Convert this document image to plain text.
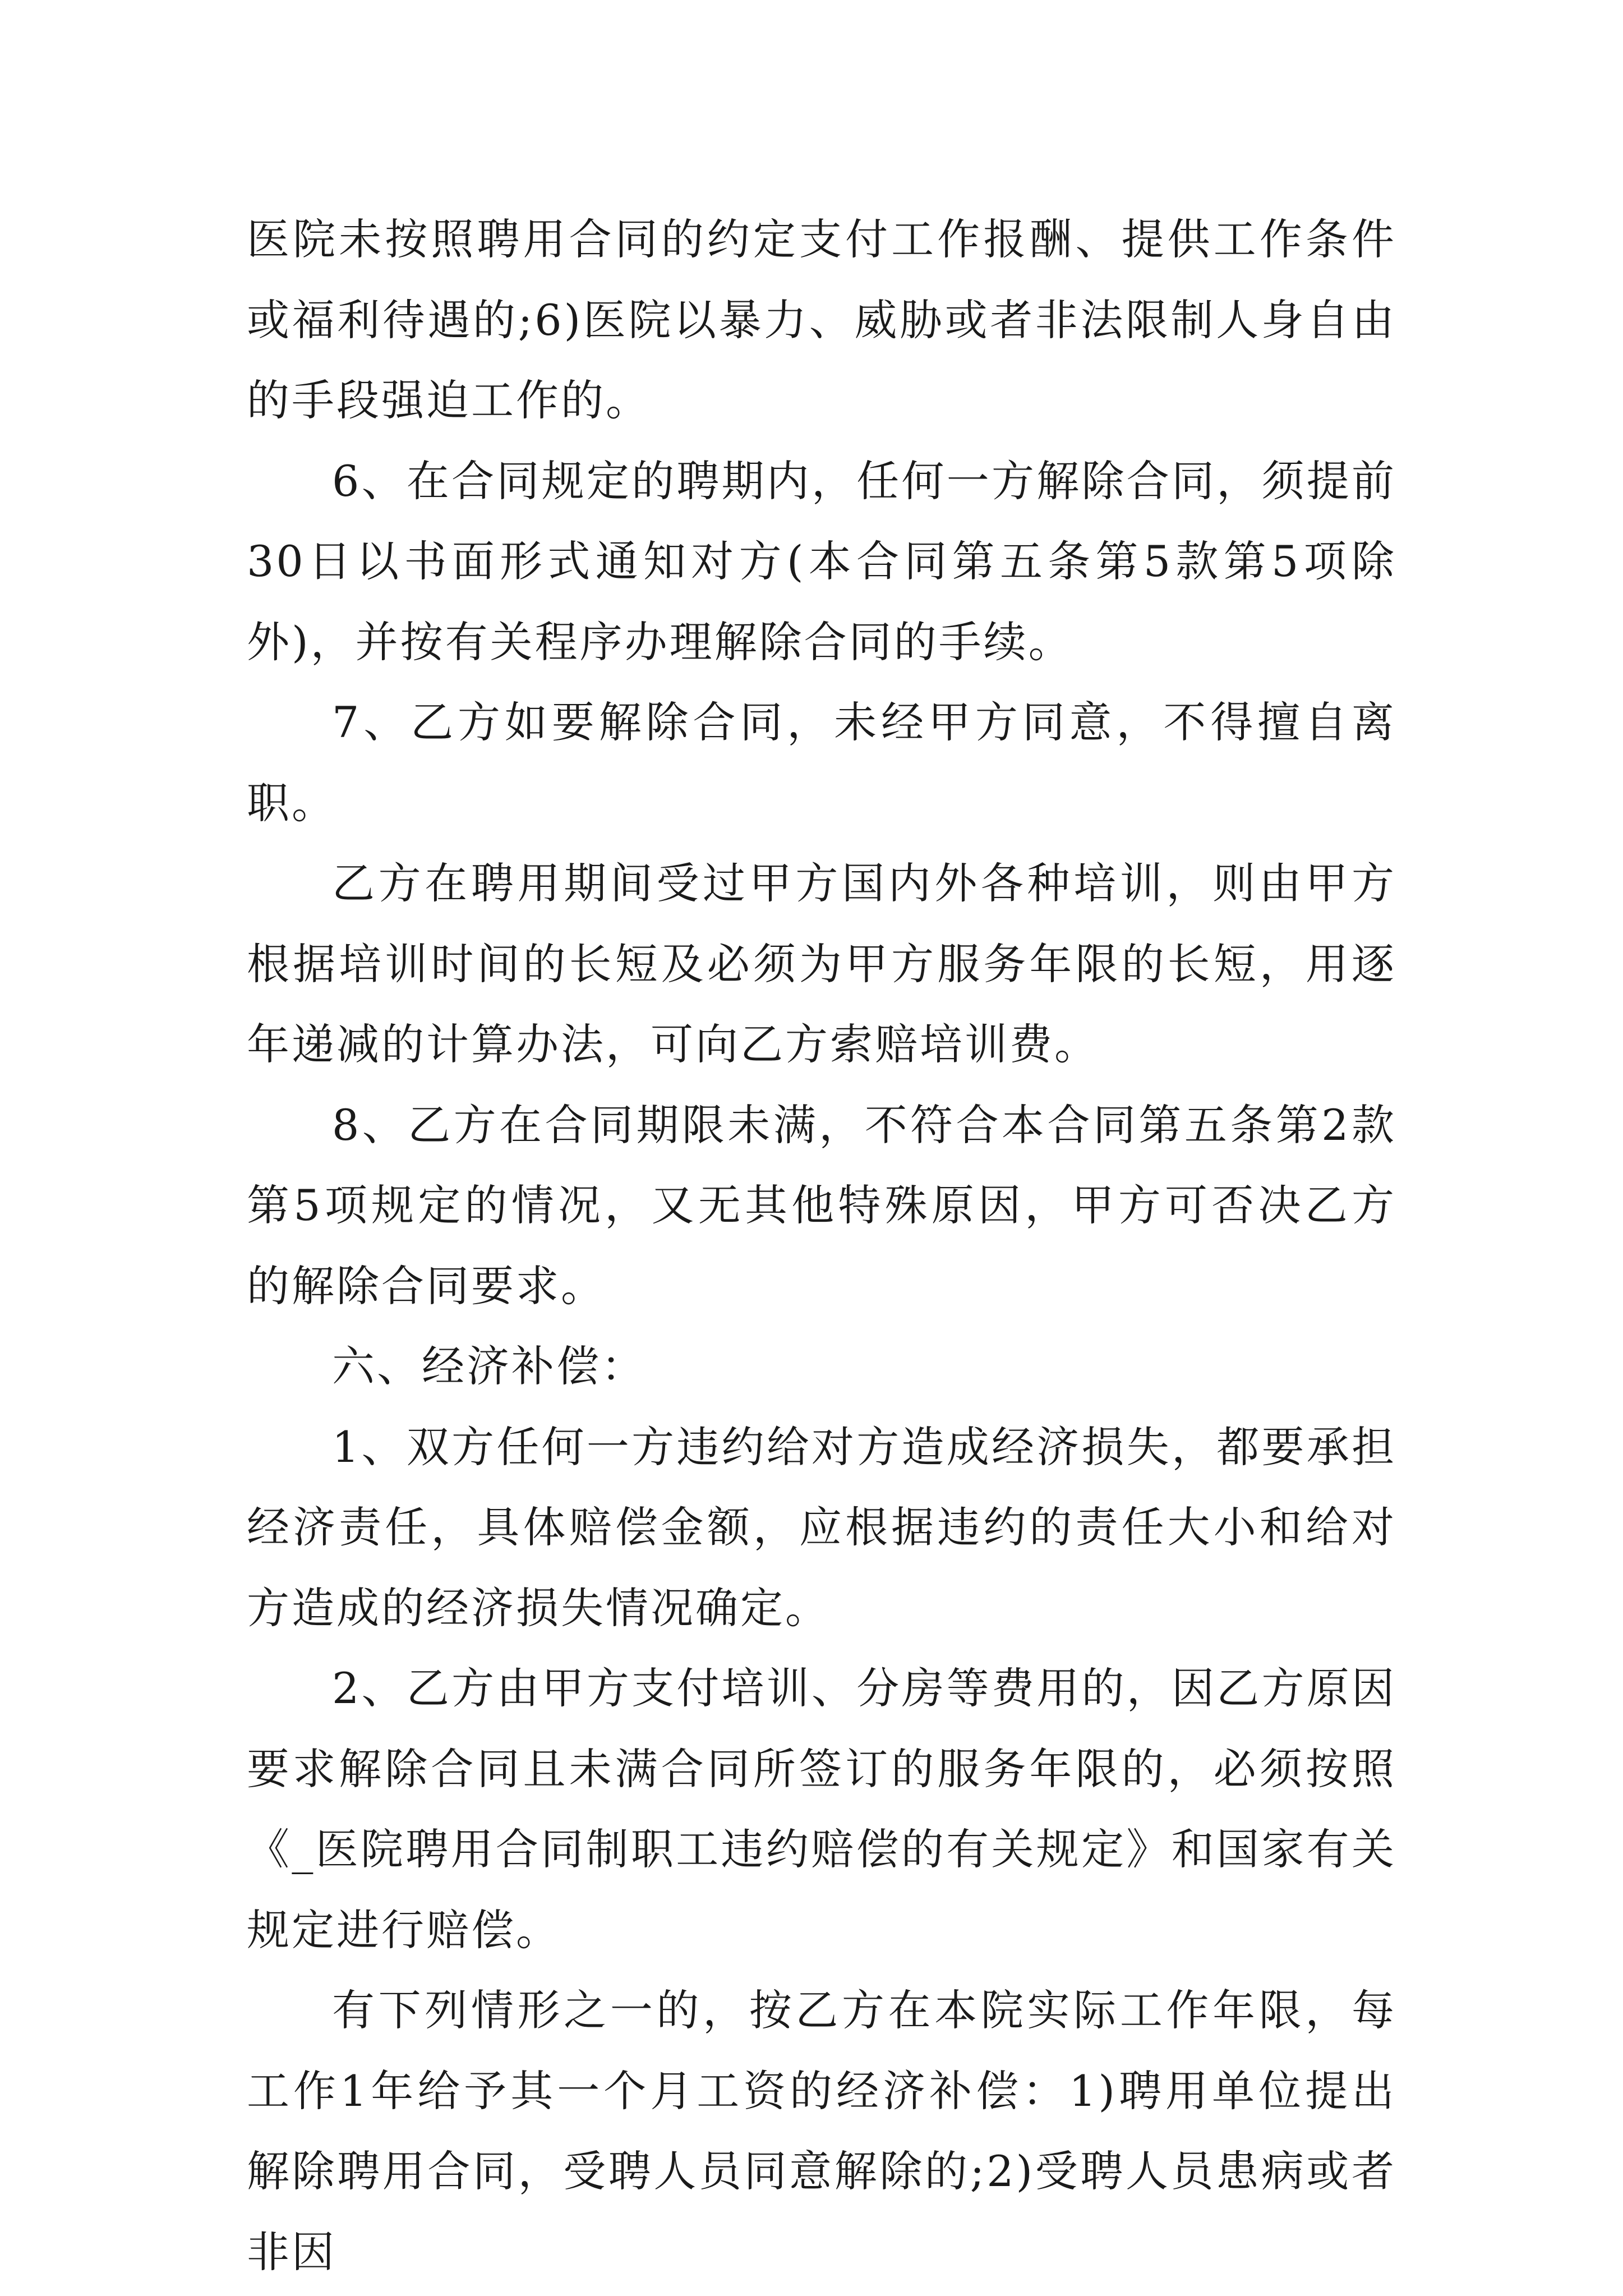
医院未按照聘用合同的约定支付工作报酬、提供工作条件或福利待遇的;6)医院以暴力、威胁或者非法限制人身自由的手段强迫工作的。

6、在合同规定的聘期内，任何一方解除合同，须提前30日以书面形式通知对方(本合同第五条第5款第5项除外)，并按有关程序办理解除合同的手续。

7、乙方如要解除合同，未经甲方同意，不得擅自离职。

乙方在聘用期间受过甲方国内外各种培训，则由甲方根据培训时间的长短及必须为甲方服务年限的长短，用逐年递减的计算办法，可向乙方索赔培训费。

8、乙方在合同期限未满，不符合本合同第五条第2款第5项规定的情况，又无其他特殊原因，甲方可否决乙方的解除合同要求。

六、经济补偿：

1、双方任何一方违约给对方造成经济损失，都要承担经济责任，具体赔偿金额，应根据违约的责任大小和给对方造成的经济损失情况确定。

2、乙方由甲方支付培训、分房等费用的，因乙方原因要求解除合同且未满合同所签订的服务年限的，必须按照《_医院聘用合同制职工违约赔偿的有关规定》和国家有关规定进行赔偿。

有下列情形之一的，按乙方在本院实际工作年限，每工作1年给予其一个月工资的经济补偿：1)聘用单位提出解除聘用合同，受聘人员同意解除的;2)受聘人员患病或者非因
